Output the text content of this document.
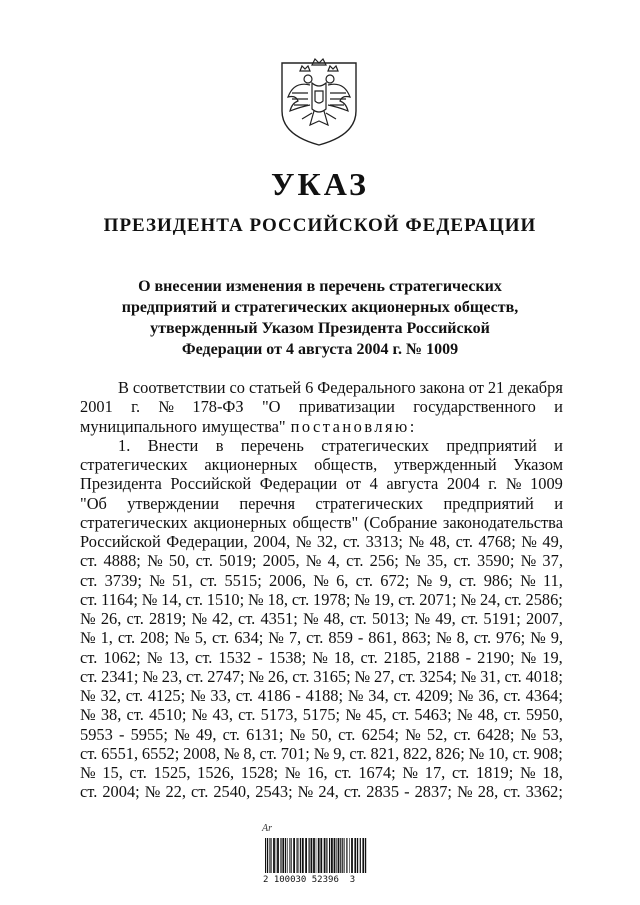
УКАЗ
ПРЕЗИДЕНТА РОССИЙСКОЙ ФЕДЕРАЦИИ
О внесении изменения в перечень стратегических
предприятий и стратегических акционерных обществ,
утвержденный Указом Президента Российской
Федерации от 4 августа 2004 г. № 1009
В соответствии со статьей 6 Федерального закона от 21 декабря
2001 г. № 178-ФЗ "О приватизации государственного и
муниципального имущества" постановляю:
1. Внести в перечень стратегических предприятий и
стратегических акционерных обществ, утвержденный Указом
Президента Российской Федерации от 4 августа 2004 г. № 1009
"Об утверждении перечня стратегических предприятий и
стратегических акционерных обществ" (Собрание законодательства
Российской Федерации, 2004, № 32, ст. 3313; № 48, ст. 4768; № 49,
ст. 4888; № 50, ст. 5019; 2005, № 4, ст. 256; № 35, ст. 3590; № 37,
ст. 3739; № 51, ст. 5515; 2006, № 6, ст. 672; № 9, ст. 986; № 11,
ст. 1164; № 14, ст. 1510; № 18, ст. 1978; № 19, ст. 2071; № 24, ст. 2586;
№ 26, ст. 2819; № 42, ст. 4351; № 48, ст. 5013; № 49, ст. 5191; 2007,
№ 1, ст. 208; № 5, ст. 634; № 7, ст. 859 - 861, 863; № 8, ст. 976; № 9,
ст. 1062; № 13, ст. 1532 - 1538; № 18, ст. 2185, 2188 - 2190; № 19,
ст. 2341; № 23, ст. 2747; № 26, ст. 3165; № 27, ст. 3254; № 31, ст. 4018;
№ 32, ст. 4125; № 33, ст. 4186 - 4188; № 34, ст. 4209; № 36, ст. 4364;
№ 38, ст. 4510; № 43, ст. 5173, 5175; № 45, ст. 5463; № 48, ст. 5950,
5953 - 5955; № 49, ст. 6131; № 50, ст. 6254; № 52, ст. 6428; № 53,
ст. 6551, 6552; 2008, № 8, ст. 701; № 9, ст. 821, 822, 826; № 10, ст. 908;
№ 15, ст. 1525, 1526, 1528; № 16, ст. 1674; № 17, ст. 1819; № 18,
ст. 2004; № 22, ст. 2540, 2543; № 24, ст. 2835 - 2837; № 28, ст. 3362;
Ar
2 100030 52396  3
